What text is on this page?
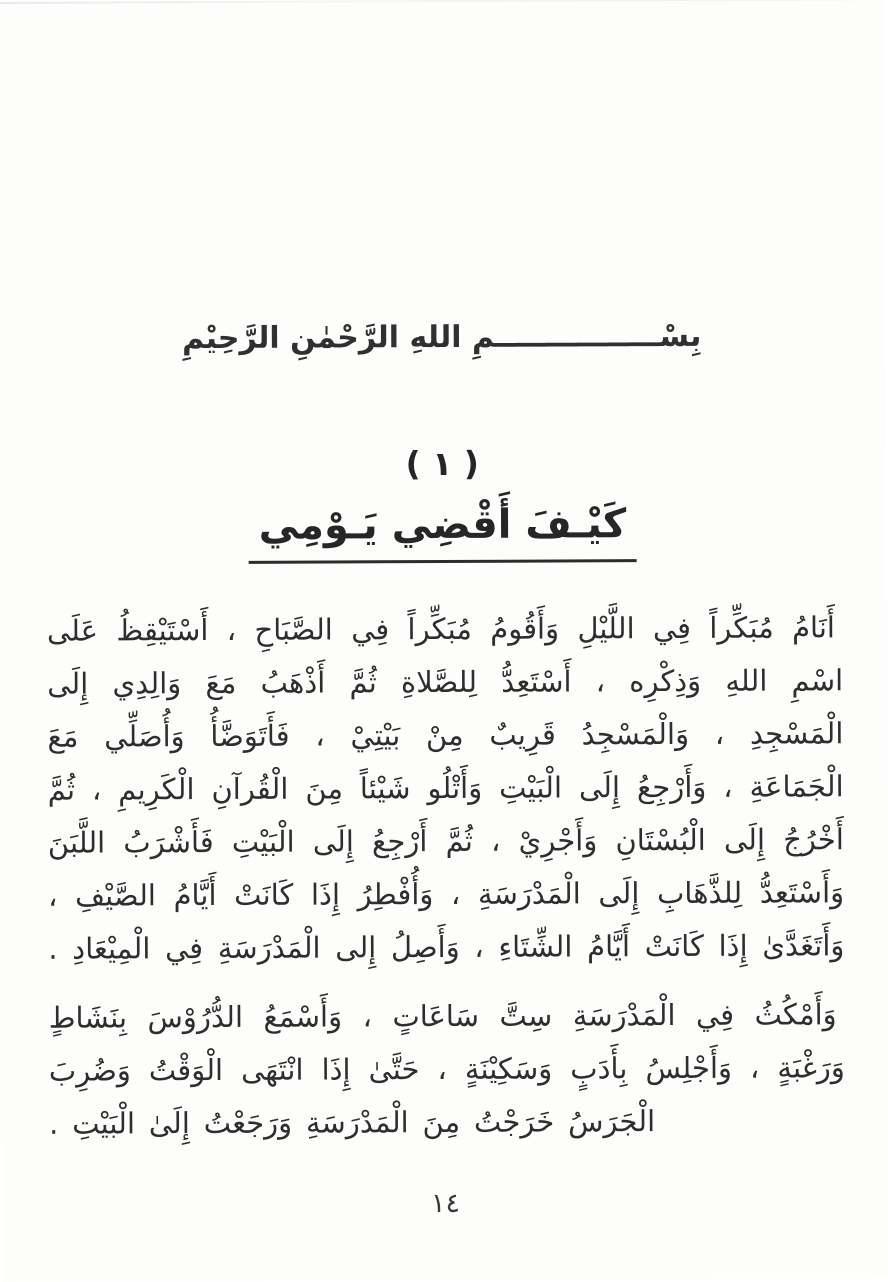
بِسْــــــــــــــــمِ اللهِ الرَّحْمٰنِ الرَّحِيْمِ
( ١ )
كَيْـفَ أَقْضِي يَـوْمِي
أَنَامُ مُبَكِّراً فِي اللَّيْلِ وَأَقُومُ مُبَكِّراً فِي الصَّبَاحِ ، أَسْتَيْقِظُ عَلَى
اسْمِ اللهِ وَذِكْرِه ، أَسْتَعِدُّ لِلصَّلاةِ ثُمَّ أَذْهَبُ مَعَ وَالِدِي إِلَى
الْمَسْجِدِ ، وَالْمَسْجِدُ قَرِيبٌ مِنْ بَيْتِيْ ، فَأَتَوَضَّأُ وَأُصَلِّي مَعَ
الْجَمَاعَةِ ، وَأَرْجِعُ إِلَى الْبَيْتِ وَأَتْلُو شَيْئاً مِنَ الْقُرآنِ الْكَرِيمِ ، ثُمَّ
أَخْرُجُ إِلَى الْبُسْتَانِ وَأَجْرِيْ ، ثُمَّ أَرْجِعُ إِلَى الْبَيْتِ فَأَشْرَبُ اللَّبَنَ
وَأَسْتَعِدُّ لِلذَّهَابِ إِلَى الْمَدْرَسَةِ ، وَأُفْطِرُ إِذَا كَانَتْ أَيَّامُ الصَّيْفِ ،
وَأَتَغَدَّىٰ إِذَا كَانَتْ أَيَّامُ الشِّتَاءِ ، وَأَصِلُ إِلى الْمَدْرَسَةِ فِي الْمِيْعَادِ .
وَأَمْكُثُ فِي الْمَدْرَسَةِ سِتَّ سَاعَاتٍ ، وَأَسْمَعُ الدُّرُوْسَ بِنَشَاطٍ
وَرَغْبَةٍ ، وَأَجْلِسُ بِأَدَبٍ وَسَكِيْنَةٍ ، حَتَّىٰ إِذَا انْتَهَى الْوَقْتُ وَضُرِبَ
الْجَرَسُ خَرَجْتُ مِنَ الْمَدْرَسَةِ وَرَجَعْتُ إِلَىٰ الْبَيْتِ .
١٤
